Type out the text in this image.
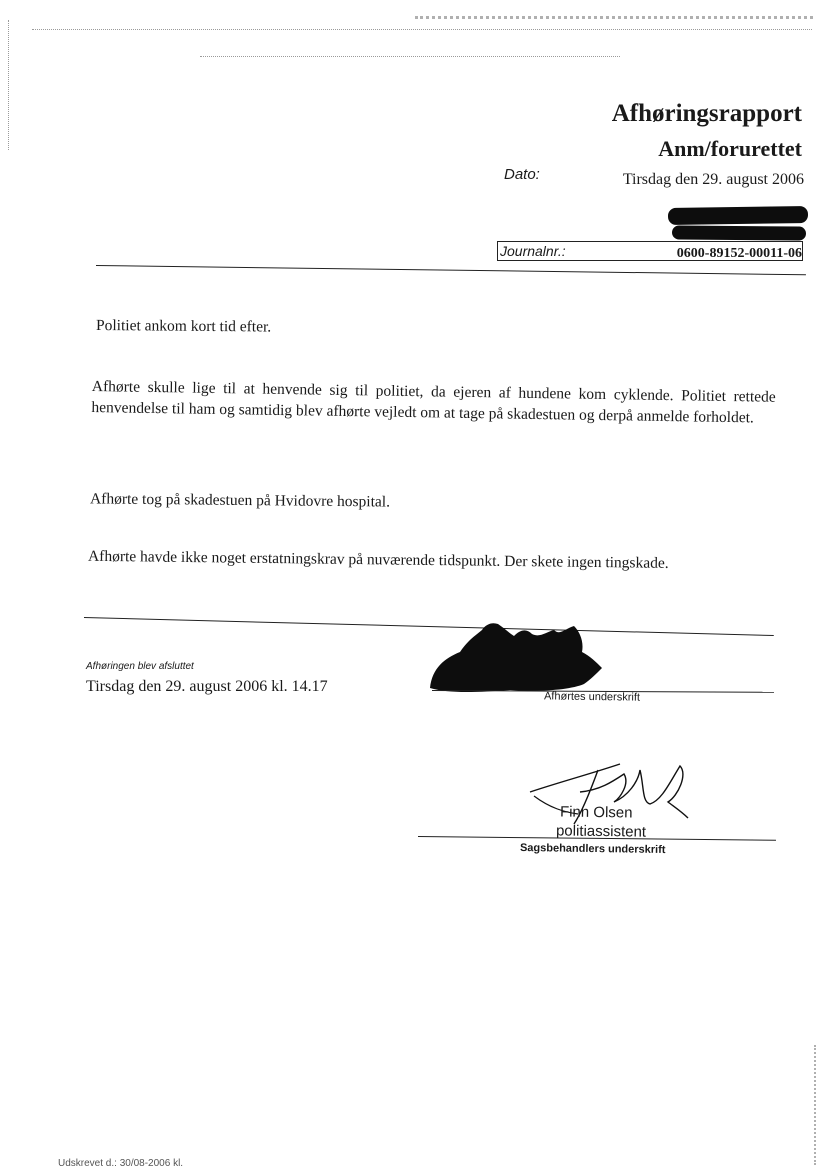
Afhøringsrapport
Anm/forurettet
Dato:	Tirsdag den 29. august 2006
Journalnr.:	0600-89152-00011-06
Politiet ankom kort tid efter.
Afhørte skulle lige til at henvende sig til politiet, da ejeren af hundene kom cyklende. Politiet rettede henvendelse til ham og samtidig blev afhørte vejledt om at tage på skadestuen og derpå anmelde forholdet.
Afhørte tog på skadestuen på Hvidovre hospital.
Afhørte havde ikke noget erstatningskrav på nuværende tidspunkt. Der skete ingen tingskade.
Afhøringen blev afsluttet
Tirsdag den 29. august 2006 kl. 14.17
Afhørtes underskrift
Finn Olsen
politiassistent
Sagsbehandlers underskrift
Udskrevet d.: 30/08-2006 kl.
